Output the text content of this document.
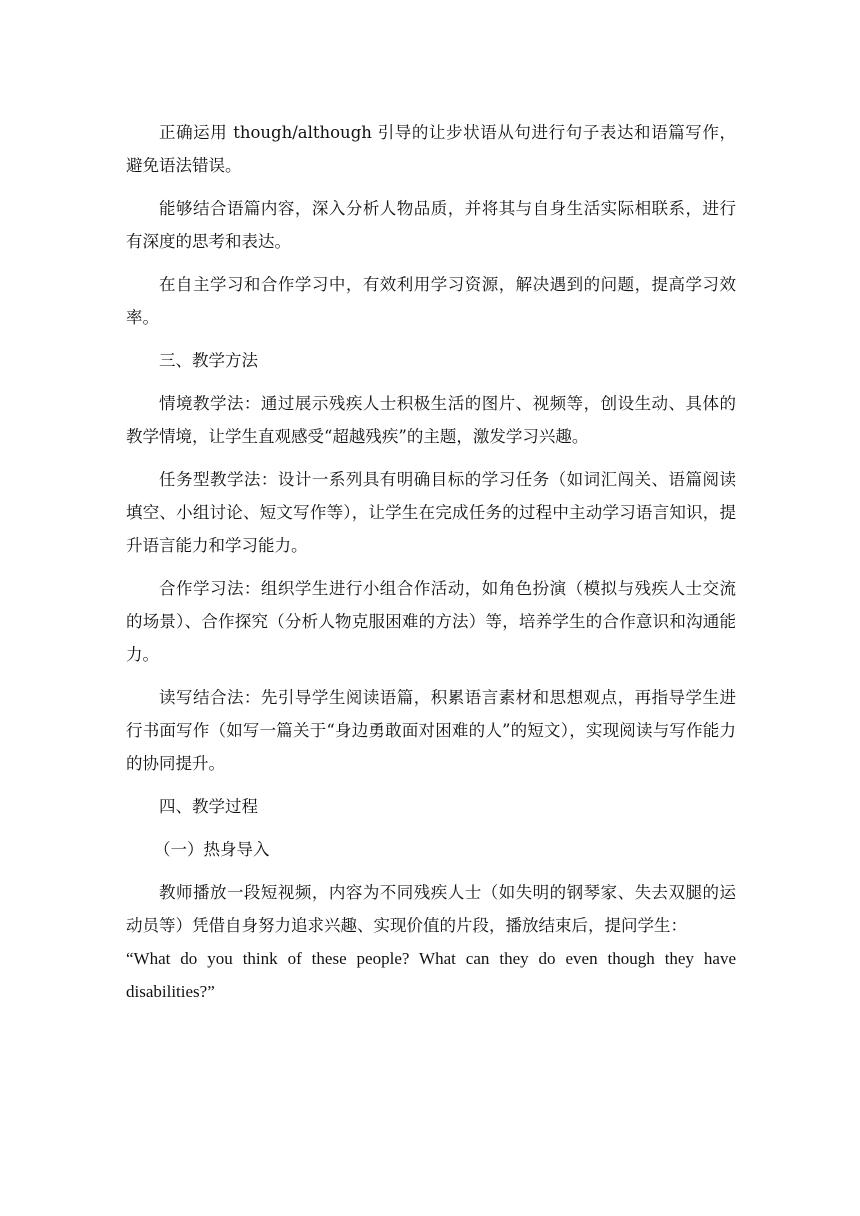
正确运用 though/although 引导的让步状语从句进行句子表达和语篇写作，避免语法错误。

能够结合语篇内容，深入分析人物品质，并将其与自身生活实际相联系，进行有深度的思考和表达。

在自主学习和合作学习中，有效利用学习资源，解决遇到的问题，提高学习效率。

三、教学方法

情境教学法：通过展示残疾人士积极生活的图片、视频等，创设生动、具体的教学情境，让学生直观感受“超越残疾”的主题，激发学习兴趣。

任务型教学法：设计一系列具有明确目标的学习任务（如词汇闯关、语篇阅读填空、小组讨论、短文写作等），让学生在完成任务的过程中主动学习语言知识，提升语言能力和学习能力。

合作学习法：组织学生进行小组合作活动，如角色扮演（模拟与残疾人士交流的场景）、合作探究（分析人物克服困难的方法）等，培养学生的合作意识和沟通能力。

读写结合法：先引导学生阅读语篇，积累语言素材和思想观点，再指导学生进行书面写作（如写一篇关于“身边勇敢面对困难的人”的短文），实现阅读与写作能力的协同提升。

四、教学过程

（一）热身导入

教师播放一段短视频，内容为不同残疾人士（如失明的钢琴家、失去双腿的运动员等）凭借自身努力追求兴趣、实现价值的片段，播放结束后，提问学生：

“What do you think of these people? What can they do even though they have disabilities?”
